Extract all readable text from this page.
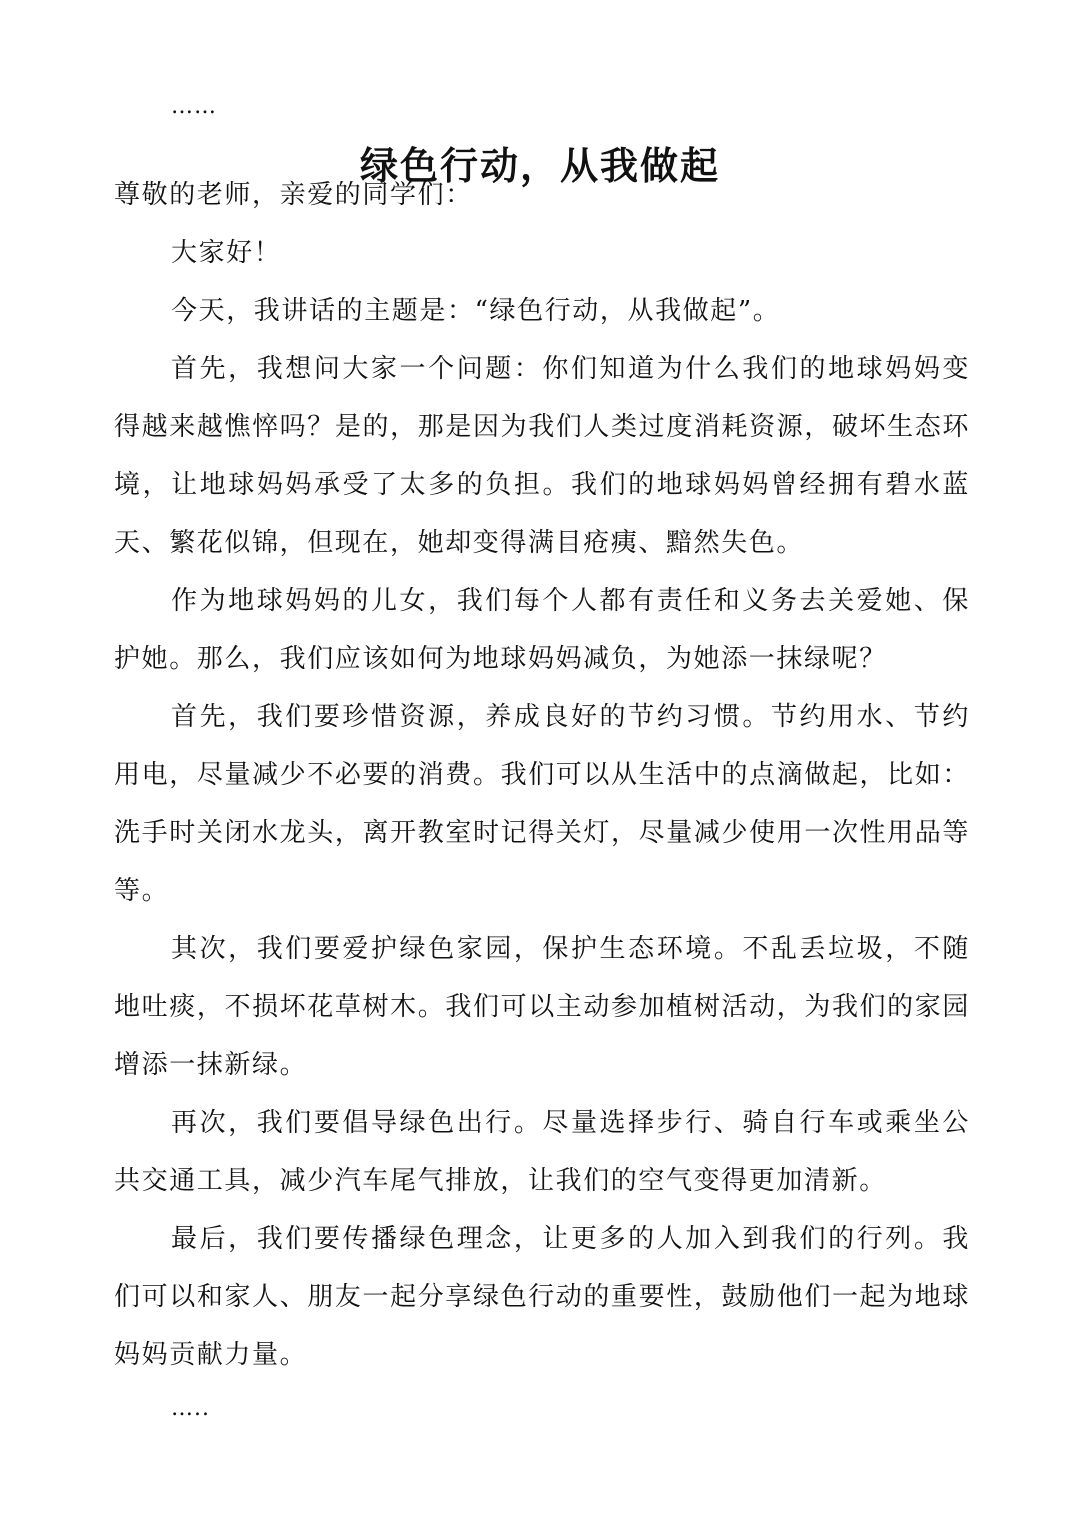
……
绿色行动，从我做起

尊敬的老师，亲爱的同学们：

大家好！

今天，我讲话的主题是：“绿色行动，从我做起”。

首先，我想问大家一个问题：你们知道为什么我们的地球妈妈变得越来越憔悴吗？是的，那是因为我们人类过度消耗资源，破坏生态环境，让地球妈妈承受了太多的负担。我们的地球妈妈曾经拥有碧水蓝天、繁花似锦，但现在，她却变得满目疮痍、黯然失色。

作为地球妈妈的儿女，我们每个人都有责任和义务去关爱她、保护她。那么，我们应该如何为地球妈妈减负，为她添一抹绿呢？

首先，我们要珍惜资源，养成良好的节约习惯。节约用水、节约用电，尽量减少不必要的消费。我们可以从生活中的点滴做起，比如：洗手时关闭水龙头，离开教室时记得关灯，尽量减少使用一次性用品等等。

其次，我们要爱护绿色家园，保护生态环境。不乱丢垃圾，不随地吐痰，不损坏花草树木。我们可以主动参加植树活动，为我们的家园增添一抹新绿。

再次，我们要倡导绿色出行。尽量选择步行、骑自行车或乘坐公共交通工具，减少汽车尾气排放，让我们的空气变得更加清新。

最后，我们要传播绿色理念，让更多的人加入到我们的行列。我们可以和家人、朋友一起分享绿色行动的重要性，鼓励他们一起为地球妈妈贡献力量。

…..
